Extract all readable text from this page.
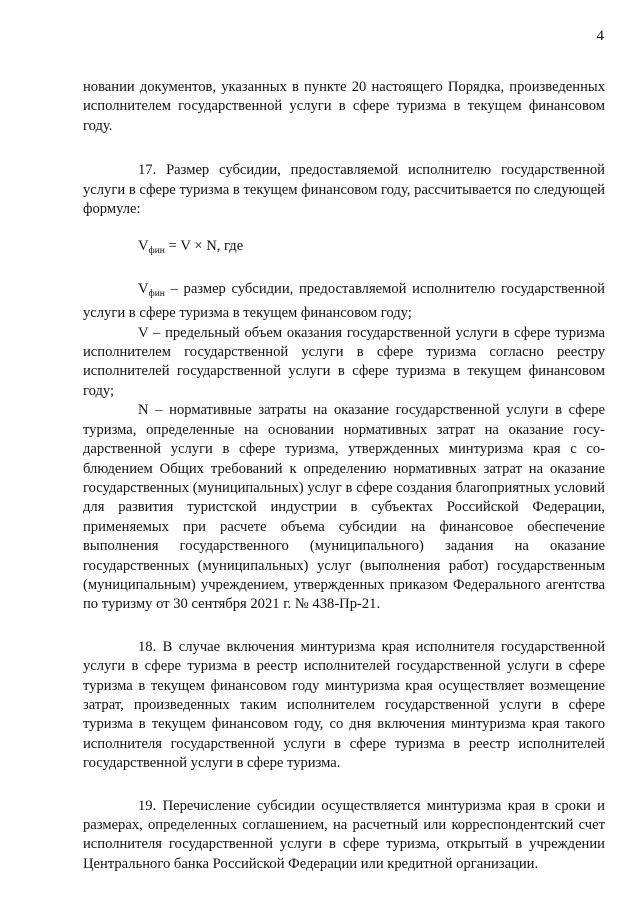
4

новании документов, указанных в пункте 20 настоящего Порядка, произведенных исполнителем государственной услуги в сфере туризма в текущем финансовом году.

17. Размер субсидии, предоставляемой исполнителю государственной услуги в сфере туризма в текущем финансовом году, рассчитывается по следующей формуле:

$V_{фин} = V \times N$, где

$V_{фин}$ – размер субсидии, предоставляемой исполнителю государственной услуги в сфере туризма в текущем финансовом году;

V – предельный объем оказания государственной услуги в сфере туризма исполнителем государственной услуги в сфере туризма согласно реестру исполнителей государственной услуги в сфере туризма в текущем финансовом году;

N – нормативные затраты на оказание государственной услуги в сфере туризма, определенные на основании нормативных затрат на оказание государственной услуги в сфере туризма, утвержденных минтуризма края с соблюдением Общих требований к определению нормативных затрат на оказание государственных (муниципальных) услуг в сфере создания благоприятных условий для развития туристской индустрии в субъектах Российской Федерации, применяемых при расчете объема субсидии на финансовое обеспечение выполнения государственного (муниципального) задания на оказание государственных (муниципальных) услуг (выполнения работ) государственным (муниципальным) учреждением, утвержденных приказом Федерального агентства по туризму от 30 сентября 2021 г. № 438-Пр-21.

18. В случае включения минтуризма края исполнителя государственной услуги в сфере туризма в реестр исполнителей государственной услуги в сфере туризма в текущем финансовом году минтуризма края осуществляет возмещение затрат, произведенных таким исполнителем государственной услуги в сфере туризма в текущем финансовом году, со дня включения минтуризма края такого исполнителя государственной услуги в сфере туризма в реестр исполнителей государственной услуги в сфере туризма.

19. Перечисление субсидии осуществляется минтуризма края в сроки и размерах, определенных соглашением, на расчетный или корреспондентский счет исполнителя государственной услуги в сфере туризма, открытый в учреждении Центрального банка Российской Федерации или кредитной организации.
